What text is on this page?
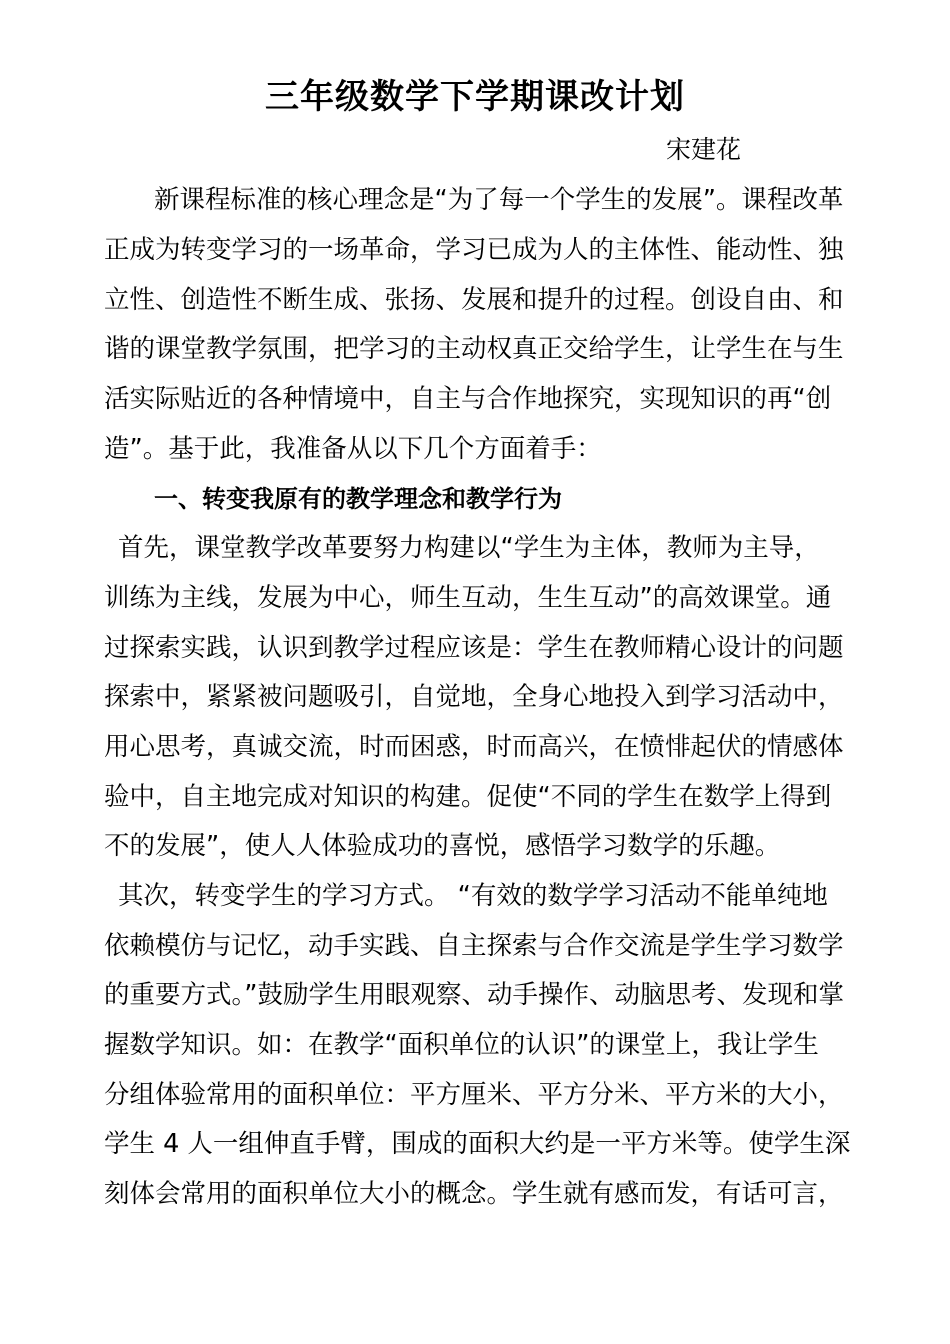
三年级数学下学期课改计划
宋建花
新课程标准的核心理念是“为了每一个学生的发展”。课程改革
正成为转变学习的一场革命，学习已成为人的主体性、能动性、独
立性、创造性不断生成、张扬、发展和提升的过程。创设自由、和
谐的课堂教学氛围，把学习的主动权真正交给学生，让学生在与生
活实际贴近的各种情境中，自主与合作地探究，实现知识的再“创
造”。基于此，我准备从以下几个方面着手：
一、转变我原有的教学理念和教学行为
首先，课堂教学改革要努力构建以“学生为主体，教师为主导，
训练为主线，发展为中心，师生互动，生生互动”的高效课堂。通
过探索实践，认识到教学过程应该是：学生在教师精心设计的问题
探索中，紧紧被问题吸引，自觉地，全身心地投入到学习活动中，
用心思考，真诚交流，时而困惑，时而高兴，在愤悱起伏的情感体
验中，自主地完成对知识的构建。促使“不同的学生在数学上得到
不的发展”，使人人体验成功的喜悦，感悟学习数学的乐趣。
其次，转变学生的学习方式。 “有效的数学学习活动不能单纯地
依赖模仿与记忆，动手实践、自主探索与合作交流是学生学习数学
的重要方式。”鼓励学生用眼观察、动手操作、动脑思考、发现和掌
握数学知识。如：在教学“面积单位的认识”的课堂上，我让学生
分组体验常用的面积单位：平方厘米、平方分米、平方米的大小，
学生 4 人一组伸直手臂，围成的面积大约是一平方米等。使学生深
刻体会常用的面积单位大小的概念。学生就有感而发，有话可言，
